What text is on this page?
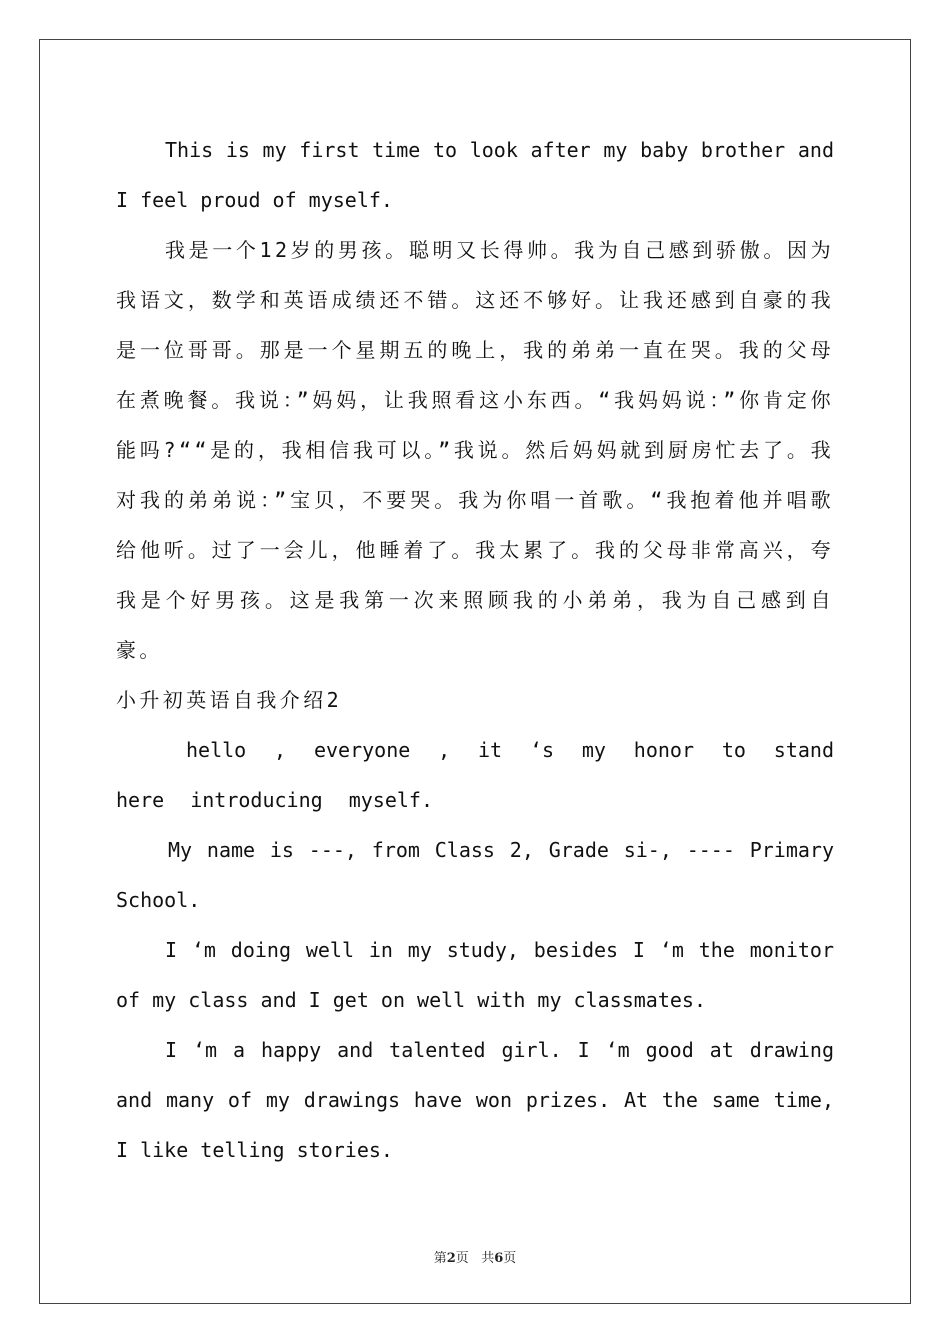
This is my first time to look after my baby brother and I feel proud of myself.

我是一个12岁的男孩。聪明又长得帅。我为自己感到骄傲。因为我语文，数学和英语成绩还不错。这还不够好。让我还感到自豪的我是一位哥哥。那是一个星期五的晚上，我的弟弟一直在哭。我的父母在煮晚餐。我说：”妈妈，让我照看这小东西。“我妈妈说：”你肯定你能吗?““是的，我相信我可以。”我说。然后妈妈就到厨房忙去了。我对我的弟弟说：”宝贝，不要哭。我为你唱一首歌。“我抱着他并唱歌给他听。过了一会儿，他睡着了。我太累了。我的父母非常高兴，夸我是个好男孩。这是我第一次来照顾我的小弟弟，我为自己感到自豪。

小升初英语自我介绍2

hello , everyone , it ‘s my honor to stand here introducing myself.

My name is ---, from Class 2, Grade si-, ---- Primary School.

I ‘m doing well in my study, besides I ‘m the monitor of my class and I get on well with my classmates.

I ‘m a happy and talented girl. I ‘m good at drawing and many of my drawings have won prizes. At the same time, I like telling stories.

第2页 共6页
